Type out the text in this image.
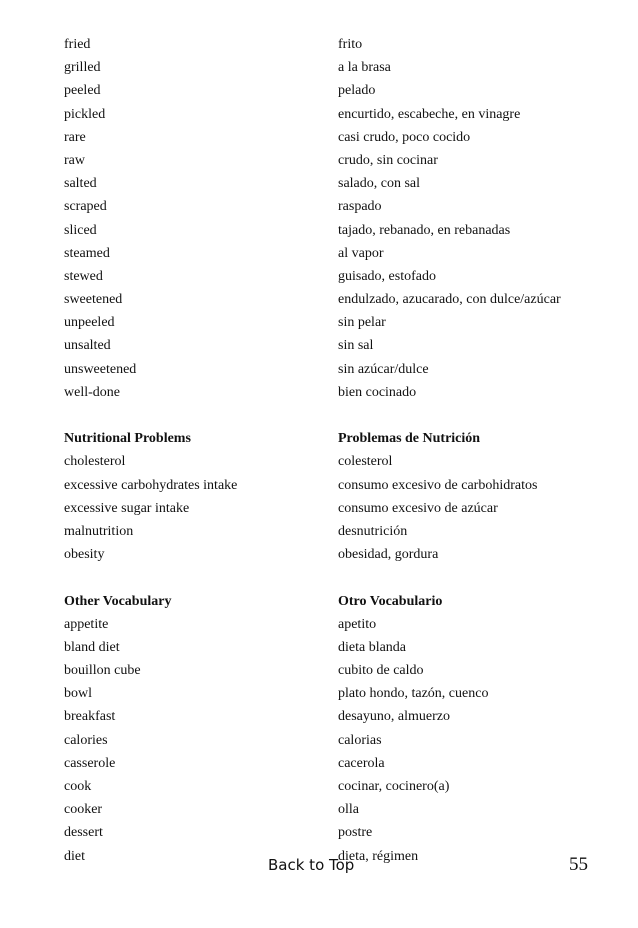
fried	frito
grilled	a la brasa
peeled	pelado
pickled	encurtido, escabeche, en vinagre
rare	casi crudo, poco cocido
raw	crudo, sin cocinar
salted	salado, con sal
scraped	raspado
sliced	tajado, rebanado, en rebanadas
steamed	al vapor
stewed	guisado, estofado
sweetened	endulzado, azucarado, con dulce/azúcar
unpeeled	sin pelar
unsalted	sin sal
unsweetened	sin azúcar/dulce
well-done	bien cocinado
Nutritional Problems	Problemas de Nutrición
cholesterol	colesterol
excessive carbohydrates intake	consumo excesivo de carbohidratos
excessive sugar intake	consumo excesivo de azúcar
malnutrition	desnutrición
obesity	obesidad, gordura
Other Vocabulary	Otro Vocabulario
appetite	apetito
bland diet	dieta blanda
bouillon cube	cubito de caldo
bowl	plato hondo, tazón, cuenco
breakfast	desayuno, almuerzo
calories	calorias
casserole	cacerola
cook	cocinar, cocinero(a)
cooker	olla
dessert	postre
diet	dieta, régimen
Back to Top	55
